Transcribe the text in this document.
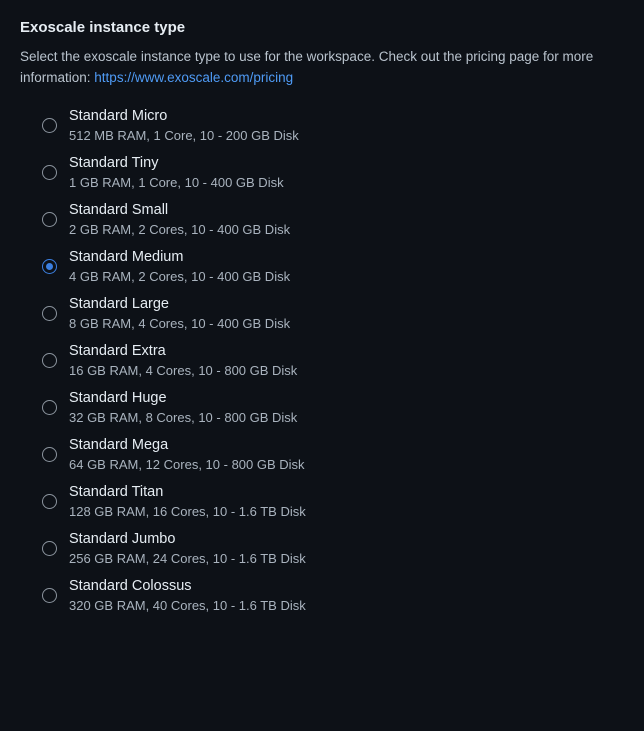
Exoscale instance type

Select the exoscale instance type to use for the workspace. Check out the pricing page for more information: https://www.exoscale.com/pricing

Standard Micro
512 MB RAM, 1 Core, 10 - 200 GB Disk
Standard Tiny
1 GB RAM, 1 Core, 10 - 400 GB Disk
Standard Small
2 GB RAM, 2 Cores, 10 - 400 GB Disk
Standard Medium
4 GB RAM, 2 Cores, 10 - 400 GB Disk
Standard Large
8 GB RAM, 4 Cores, 10 - 400 GB Disk
Standard Extra
16 GB RAM, 4 Cores, 10 - 800 GB Disk
Standard Huge
32 GB RAM, 8 Cores, 10 - 800 GB Disk
Standard Mega
64 GB RAM, 12 Cores, 10 - 800 GB Disk
Standard Titan
128 GB RAM, 16 Cores, 10 - 1.6 TB Disk
Standard Jumbo
256 GB RAM, 24 Cores, 10 - 1.6 TB Disk
Standard Colossus
320 GB RAM, 40 Cores, 10 - 1.6 TB Disk
